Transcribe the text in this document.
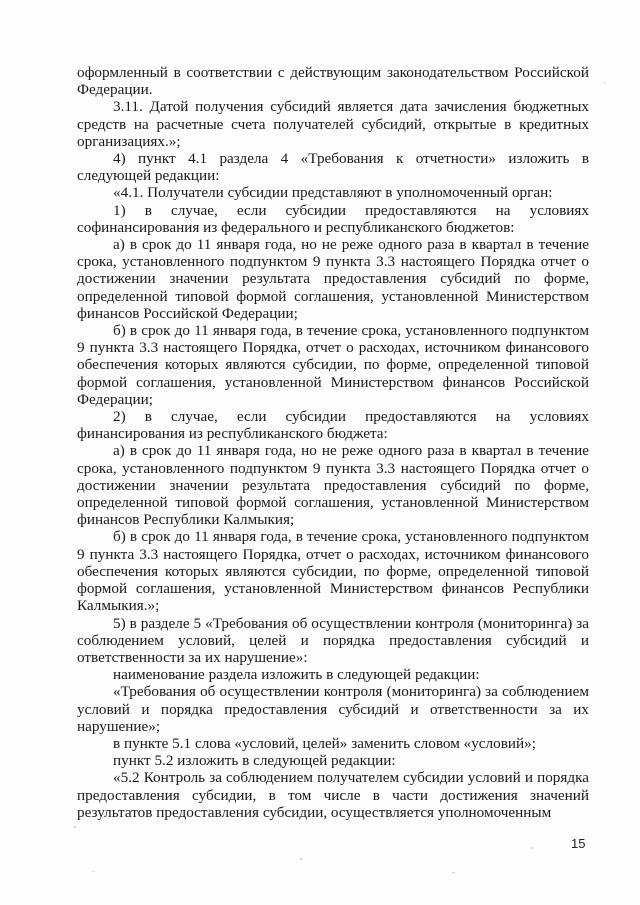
оформленный в соответствии с действующим законодательством Российской Федерации.

3.11. Датой получения субсидий является дата зачисления бюджетных средств на расчетные счета получателей субсидий, открытые в кредитных организациях.»;

4) пункт 4.1 раздела 4 «Требования к отчетности» изложить в следующей редакции:

«4.1. Получатели субсидии представляют в уполномоченный орган:

1) в случае, если субсидии предоставляются на условиях софинансирования из федерального и республиканского бюджетов:

а) в срок до 11 января года, но не реже одного раза в квартал в течение срока, установленного подпунктом 9 пункта 3.3 настоящего Порядка отчет о достижении значении результата предоставления субсидий по форме, определенной типовой формой соглашения, установленной Министерством финансов Российской Федерации;

б) в срок до 11 января года, в течение срока, установленного подпунктом 9 пункта 3.3 настоящего Порядка, отчет о расходах, источником финансового обеспечения которых являются субсидии, по форме, определенной типовой формой соглашения, установленной Министерством финансов Российской Федерации;

2) в случае, если субсидии предоставляются на условиях финансирования из республиканского бюджета:

а) в срок до 11 января года, но не реже одного раза в квартал в течение срока, установленного подпунктом 9 пункта 3.3 настоящего Порядка отчет о достижении значении результата предоставления субсидий по форме, определенной типовой формой соглашения, установленной Министерством финансов Республики Калмыкия;

б) в срок до 11 января года, в течение срока, установленного подпунктом 9 пункта 3.3 настоящего Порядка, отчет о расходах, источником финансового обеспечения которых являются субсидии, по форме, определенной типовой формой соглашения, установленной Министерством финансов Республики Калмыкия.»;

5) в разделе 5 «Требования об осуществлении контроля (мониторинга) за соблюдением условий, целей и порядка предоставления субсидий и ответственности за их нарушение»:

наименование раздела изложить в следующей редакции:

«Требования об осуществлении контроля (мониторинга) за соблюдением условий и порядка предоставления субсидий и ответственности за их нарушение»;

в пункте 5.1 слова «условий, целей» заменить словом «условий»;

пункт 5.2 изложить в следующей редакции:

«5.2 Контроль за соблюдением получателем субсидии условий и порядка предоставления субсидии, в том числе в части достижения значений результатов предоставления субсидии, осуществляется уполномоченным

15
